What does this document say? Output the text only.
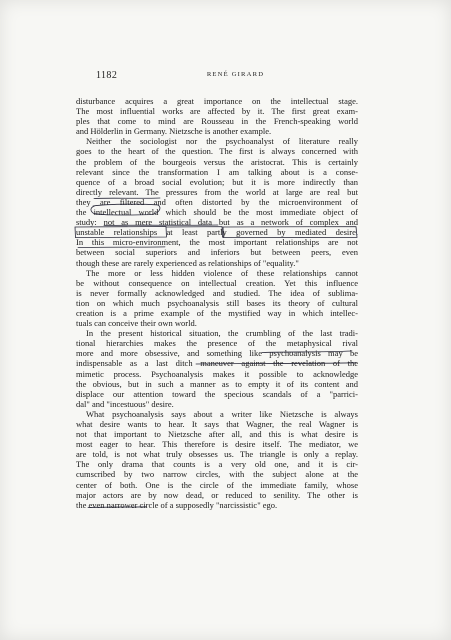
1182	RENÉ GIRARD
disturbance acquires a great importance on the intellectual stage.
The most influential works are affected by it. The first great exam-
ples that come to mind are Rousseau in the French-speaking world
and Hölderlin in Germany. Nietzsche is another example.
Neither the sociologist nor the psychoanalyst of literature really
goes to the heart of the question. The first is always concerned with
the problem of the bourgeois versus the aristocrat. This is certainly
relevant since the transformation I am talking about is a conse-
quence of a broad social evolution; but it is more indirectly than
directly relevant. The pressures from the world at large are real but
they are filtered and often distorted by the microenvironment of
the intellectual world which should be the most immediate object of
study: not as mere statistical data but as a network of complex and
unstable relationships at least partly governed by mediated desire.
In this micro-environment, the most important relationships are not
between social superiors and inferiors but between peers, even
though these are rarely experienced as relationships of "equality."
The more or less hidden violence of these relationships cannot
be without consequence on intellectual creation. Yet this influence
is never formally acknowledged and studied. The idea of sublima-
tion on which much psychoanalysis still bases its theory of cultural
creation is a prime example of the mystified way in which intellec-
tuals can conceive their own world.
In the present historical situation, the crumbling of the last tradi-
tional hierarchies makes the presence of the metaphysical rival
more and more obsessive, and something like psychoanalysis may be
indispensable as a last ditch maneuver against the revelation of the
mimetic process. Psychoanalysis makes it possible to acknowledge
the obvious, but in such a manner as to empty it of its content and
displace our attention toward the specious scandals of a "parrici-
dal" and "incestuous" desire.
What psychoanalysis says about a writer like Nietzsche is always
what desire wants to hear. It says that Wagner, the real Wagner is
not that important to Nietzsche after all, and this is what desire is
most eager to hear. This therefore is desire itself. The mediator, we
are told, is not what truly obsesses us. The triangle is only a replay.
The only drama that counts is a very old one, and it is cir-
cumscribed by two narrow circles, with the subject alone at the
center of both. One is the circle of the immediate family, whose
major actors are by now dead, or reduced to senility. The other is
the even narrower circle of a supposedly "narcissistic" ego.
